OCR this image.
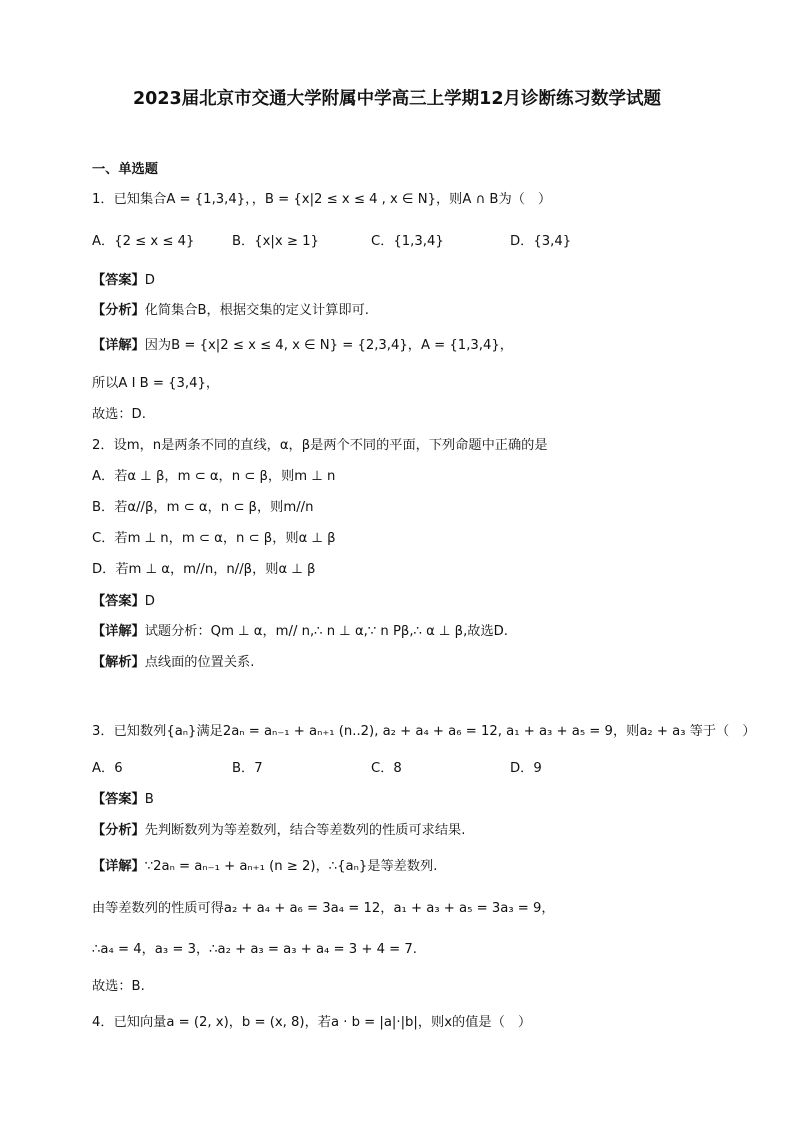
2023届北京市交通大学附属中学高三上学期12月诊断练习数学试题
一、单选题
1．已知集合A = {1,3,4}，，B = {x|2 ≤ x ≤ 4 , x ∈ N}，则A ∩ B为（　）
A．{2 ≤ x ≤ 4}	B．{x|x ≥ 1}	C．{1,3,4}	D．{3,4}
【答案】D
【分析】化简集合B，根据交集的定义计算即可.
【详解】因为B = {x|2 ≤ x ≤ 4, x ∈ N} = {2,3,4}，A = {1,3,4}，
所以A I B = {3,4}，
故选：D.
2．设m，n是两条不同的直线，α，β是两个不同的平面，下列命题中正确的是
A．若α ⊥ β，m ⊂ α，n ⊂ β，则m ⊥ n
B．若α//β，m ⊂ α，n ⊂ β，则m//n
C．若m ⊥ n，m ⊂ α，n ⊂ β，则α ⊥ β
D．若m ⊥ α，m//n，n//β，则α ⊥ β
【答案】D
【详解】试题分析：Qm ⊥ α，m// n,∴ n ⊥ α,∵ n Pβ,∴ α ⊥ β,故选D.
【解析】点线面的位置关系.
3．已知数列{aₙ}满足2aₙ = aₙ₋₁ + aₙ₊₁ (n..2), a₂ + a₄ + a₆ = 12, a₁ + a₃ + a₅ = 9，则a₂ + a₃ 等于（　）
A．6	B．7	C．8	D．9
【答案】B
【分析】先判断数列为等差数列，结合等差数列的性质可求结果.
【详解】∵2aₙ = aₙ₋₁ + aₙ₊₁ (n ≥ 2)，∴{aₙ}是等差数列.
由等差数列的性质可得a₂ + a₄ + a₆ = 3a₄ = 12，a₁ + a₃ + a₅ = 3a₃ = 9，
∴a₄ = 4，a₃ = 3，∴a₂ + a₃ = a₃ + a₄ = 3 + 4 = 7.
故选：B.
4．已知向量a = (2, x)，b = (x, 8)，若a · b = |a|·|b|，则x的值是（　）
